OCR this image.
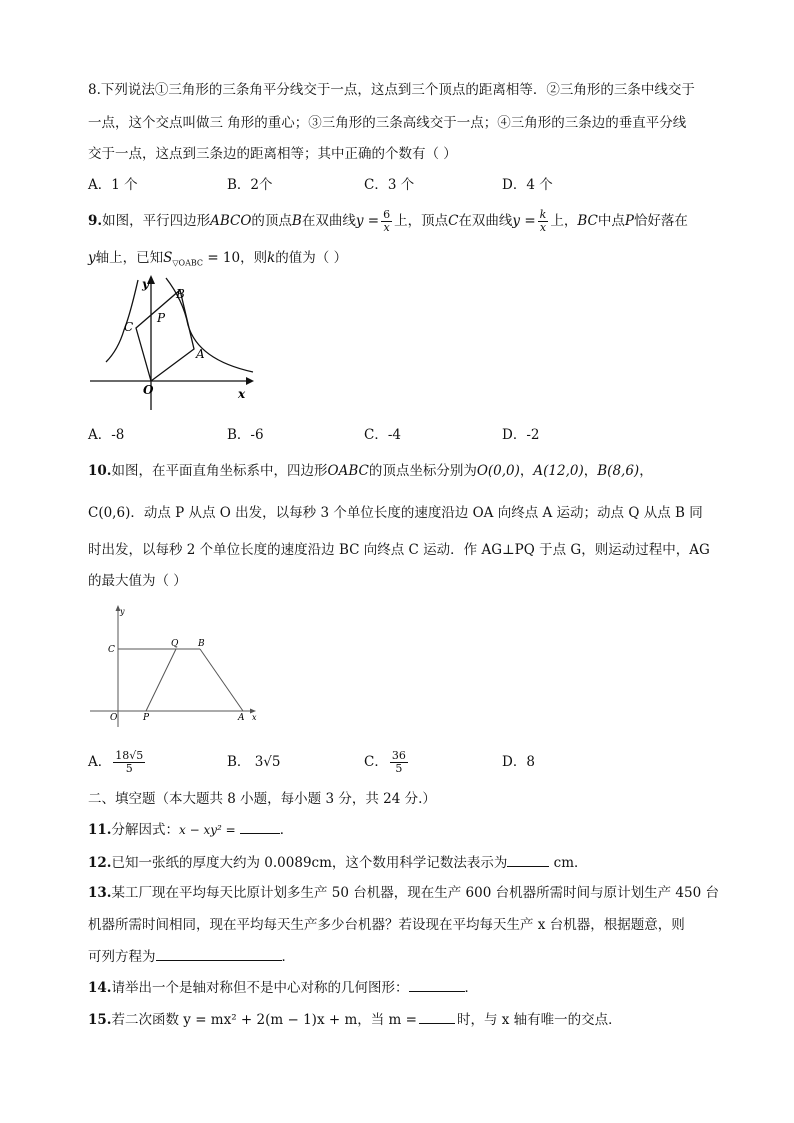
8.下列说法①三角形的三条角平分线交于一点，这点到三个顶点的距离相等．②三角形的三条中线交于
一点，这个交点叫做三 角形的重心；③三角形的三条高线交于一点；④三角形的三条边的垂直平分线
交于一点，这点到三条边的距离相等；其中正确的个数有（ ）
A．1 个	B．2个	C．3 个	D．4 个
9.如图，平行四边形ABCO的顶点B在双曲线$y = \frac{6}{x}$ 上，顶点C在双曲线$y = \frac{k}{x}$ 上，BC中点P恰好落在
y轴上，已知$S_{▽OABC} = 10$，则k的值为（ ）
y
B
C
P
A
O	x
A．-8	B．-6	C．-4	D．-2
10.如图，在平面直角坐标系中，四边形OABC的顶点坐标分别为O(0,0)，A(12,0)，B(8,6)，
C(0,6)．动点 P 从点 O 出发，以每秒 3 个单位长度的速度沿边 OA 向终点 A 运动；动点 Q 从点 B 同
时出发，以每秒 2 个单位长度的速度沿边 BC 向终点 C 运动．作 AG⊥PQ 于点 G，则运动过程中，AG
的最大值为（ ）
y
C
Q B
O	P	A x
A． $\frac{18√5}{5}$	B． 3√5	C． $\frac{36}{5}$	D．8
二、填空题（本大题共 8 小题，每小题 3 分，共 24 分.）
11.分解因式：x − xy² =	．
12.已知一张纸的厚度大约为 0.0089cm，这个数用科学记数法表示为	cm．
13.某工厂现在平均每天比原计划多生产 50 台机器，现在生产 600 台机器所需时间与原计划生产 450 台
机器所需时间相同，现在平均每天生产多少台机器？若设现在平均每天生产 x 台机器，根据题意，则
可列方程为	．
14.请举出一个是轴对称但不是中心对称的几何图形：	．
15.若二次函数 y = mx² + 2(m − 1)x + m，当 m =	时，与 x 轴有唯一的交点．
